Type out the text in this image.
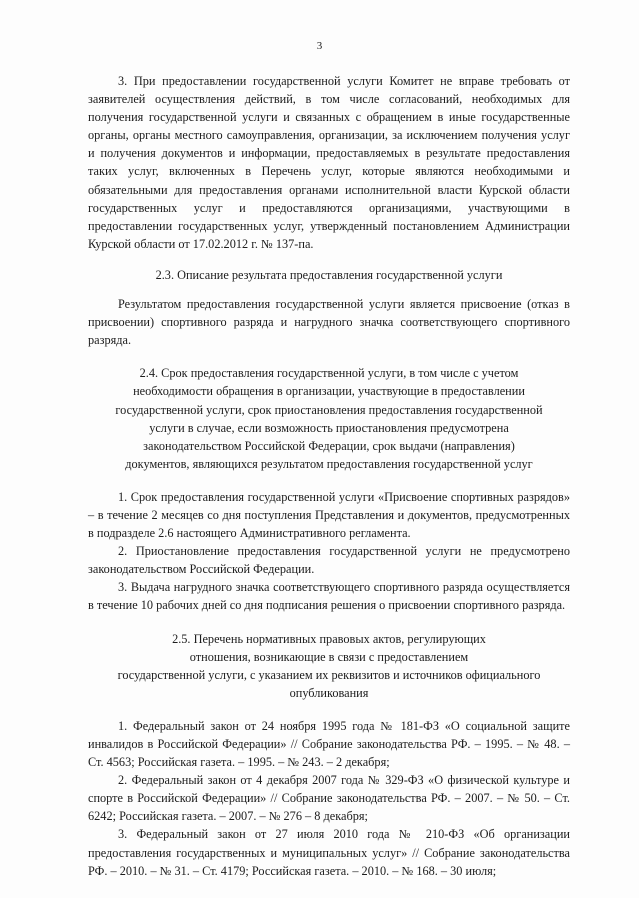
3

3. При предоставлении государственной услуги Комитет не вправе требовать от заявителей осуществления действий, в том числе согласований, необходимых для получения государственной услуги и связанных с обращением в иные государственные органы, органы местного самоуправления, организации, за исключением получения услуг и получения документов и информации, предоставляемых в результате предоставления таких услуг, включенных в Перечень услуг, которые являются необходимыми и обязательными для предоставления органами исполнительной власти Курской области государственных услуг и предоставляются организациями, участвующими в предоставлении государственных услуг, утвержденный постановлением Администрации Курской области от 17.02.2012 г. № 137-па.

2.3. Описание результата предоставления государственной услуги

Результатом предоставления государственной услуги является присвоение (отказ в присвоении) спортивного разряда и нагрудного значка соответствующего спортивного разряда.

2.4. Срок предоставления государственной услуги, в том числе с учетом
необходимости обращения в организации, участвующие в предоставлении
государственной услуги, срок приостановления предоставления государственной
услуги в случае, если возможность приостановления предусмотрена
законодательством Российской Федерации, срок выдачи (направления)
документов, являющихся результатом предоставления государственной услуг

1. Срок предоставления государственной услуги «Присвоение спортивных разрядов» – в течение 2 месяцев со дня поступления Представления и документов, предусмотренных в подразделе 2.6 настоящего Административного регламента.

2. Приостановление предоставления государственной услуги не предусмотрено законодательством Российской Федерации.

3. Выдача нагрудного значка соответствующего спортивного разряда осуществляется в течение 10 рабочих дней со дня подписания решения о присвоении спортивного разряда.

2.5. Перечень нормативных правовых актов, регулирующих
отношения, возникающие в связи с предоставлением
государственной услуги, с указанием их реквизитов и источников официального
опубликования

1. Федеральный закон от 24 ноября 1995 года № 181-ФЗ «О социальной защите инвалидов в Российской Федерации» // Собрание законодательства РФ. – 1995. – № 48. – Ст. 4563; Российская газета. – 1995. – № 243. – 2 декабря;

2. Федеральный закон от 4 декабря 2007 года № 329-ФЗ «О физической культуре и спорте в Российской Федерации» // Собрание законодательства РФ. – 2007. – № 50. – Ст. 6242; Российская газета. – 2007. – № 276 – 8 декабря;

3. Федеральный закон от 27 июля 2010 года № 210-ФЗ «Об организации предоставления государственных и муниципальных услуг» // Собрание законодательства РФ. – 2010. – № 31. – Ст. 4179; Российская газета. – 2010. – № 168. – 30 июля;
